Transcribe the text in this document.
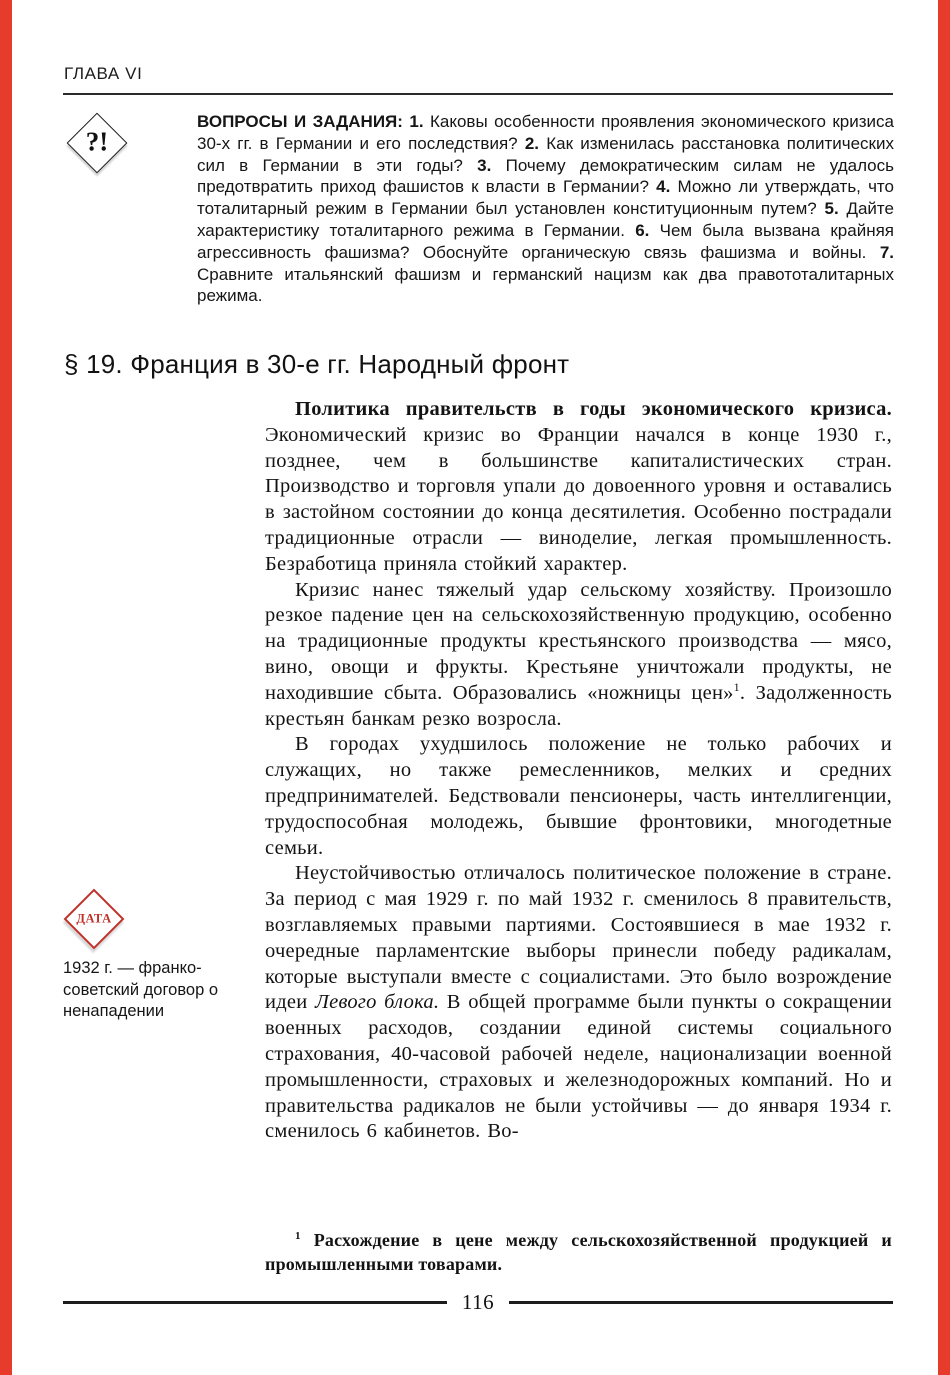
ГЛАВА VI
?!
ВОПРОСЫ И ЗАДАНИЯ: 1. Каковы особенности проявления экономического кризиса 30-х гг. в Германии и его последствия? 2. Как изменилась расстановка политических сил в Германии в эти годы? 3. Почему демократическим силам не удалось предотвратить приход фашистов к власти в Германии? 4. Можно ли утверждать, что тоталитарный режим в Германии был установлен конституционным путем? 5. Дайте характеристику тоталитарного режима в Германии. 6. Чем была вызвана крайняя агрессивность фашизма? Обоснуйте органическую связь фашизма и войны. 7. Сравните итальянский фашизм и германский нацизм как два правототалитарных режима.
§ 19. Франция в 30-е гг. Народный фронт

Политика правительств в годы экономического кризиса. Экономический кризис во Франции начался в конце 1930 г., позднее, чем в большинстве капиталистических стран. Производство и торговля упали до довоенного уровня и оставались в застойном состоянии до конца десятилетия. Особенно пострадали традиционные отрасли — виноделие, легкая промышленность. Безработица приняла стойкий характер.

Кризис нанес тяжелый удар сельскому хозяйству. Произошло резкое падение цен на сельскохозяйственную продукцию, особенно на традиционные продукты крестьянского производства — мясо, вино, овощи и фрукты. Крестьяне уничтожали продукты, не находившие сбыта. Образовались «ножницы цен»$^1$. Задолженность крестьян банкам резко возросла.

В городах ухудшилось положение не только рабочих и служащих, но также ремесленников, мелких и средних предпринимателей. Бедствовали пенсионеры, часть интеллигенции, трудоспособная молодежь, бывшие фронтовики, многодетные семьи.

Неустойчивостью отличалось политическое положение в стране. За период с мая 1929 г. по май 1932 г. сменилось 8 правительств, возглавляемых правыми партиями. Состоявшиеся в мае 1932 г. очередные парламентские выборы принесли победу радикалам, которые выступали вместе с социалистами. Это было возрождение идеи Левого блока. В общей программе были пункты о сокращении военных расходов, создании единой системы социального страхования, 40-часовой рабочей неделе, национализации военной промышленности, страховых и железнодорожных компаний. Но и правительства радикалов не были устойчивы — до января 1934 г. сменилось 6 кабинетов. Во-

ДАТА
1932 г. — франко-советский договор о ненападении
$^1$ Расхождение в цене между сельскохозяйственной продукцией и промышленными товарами.
116
